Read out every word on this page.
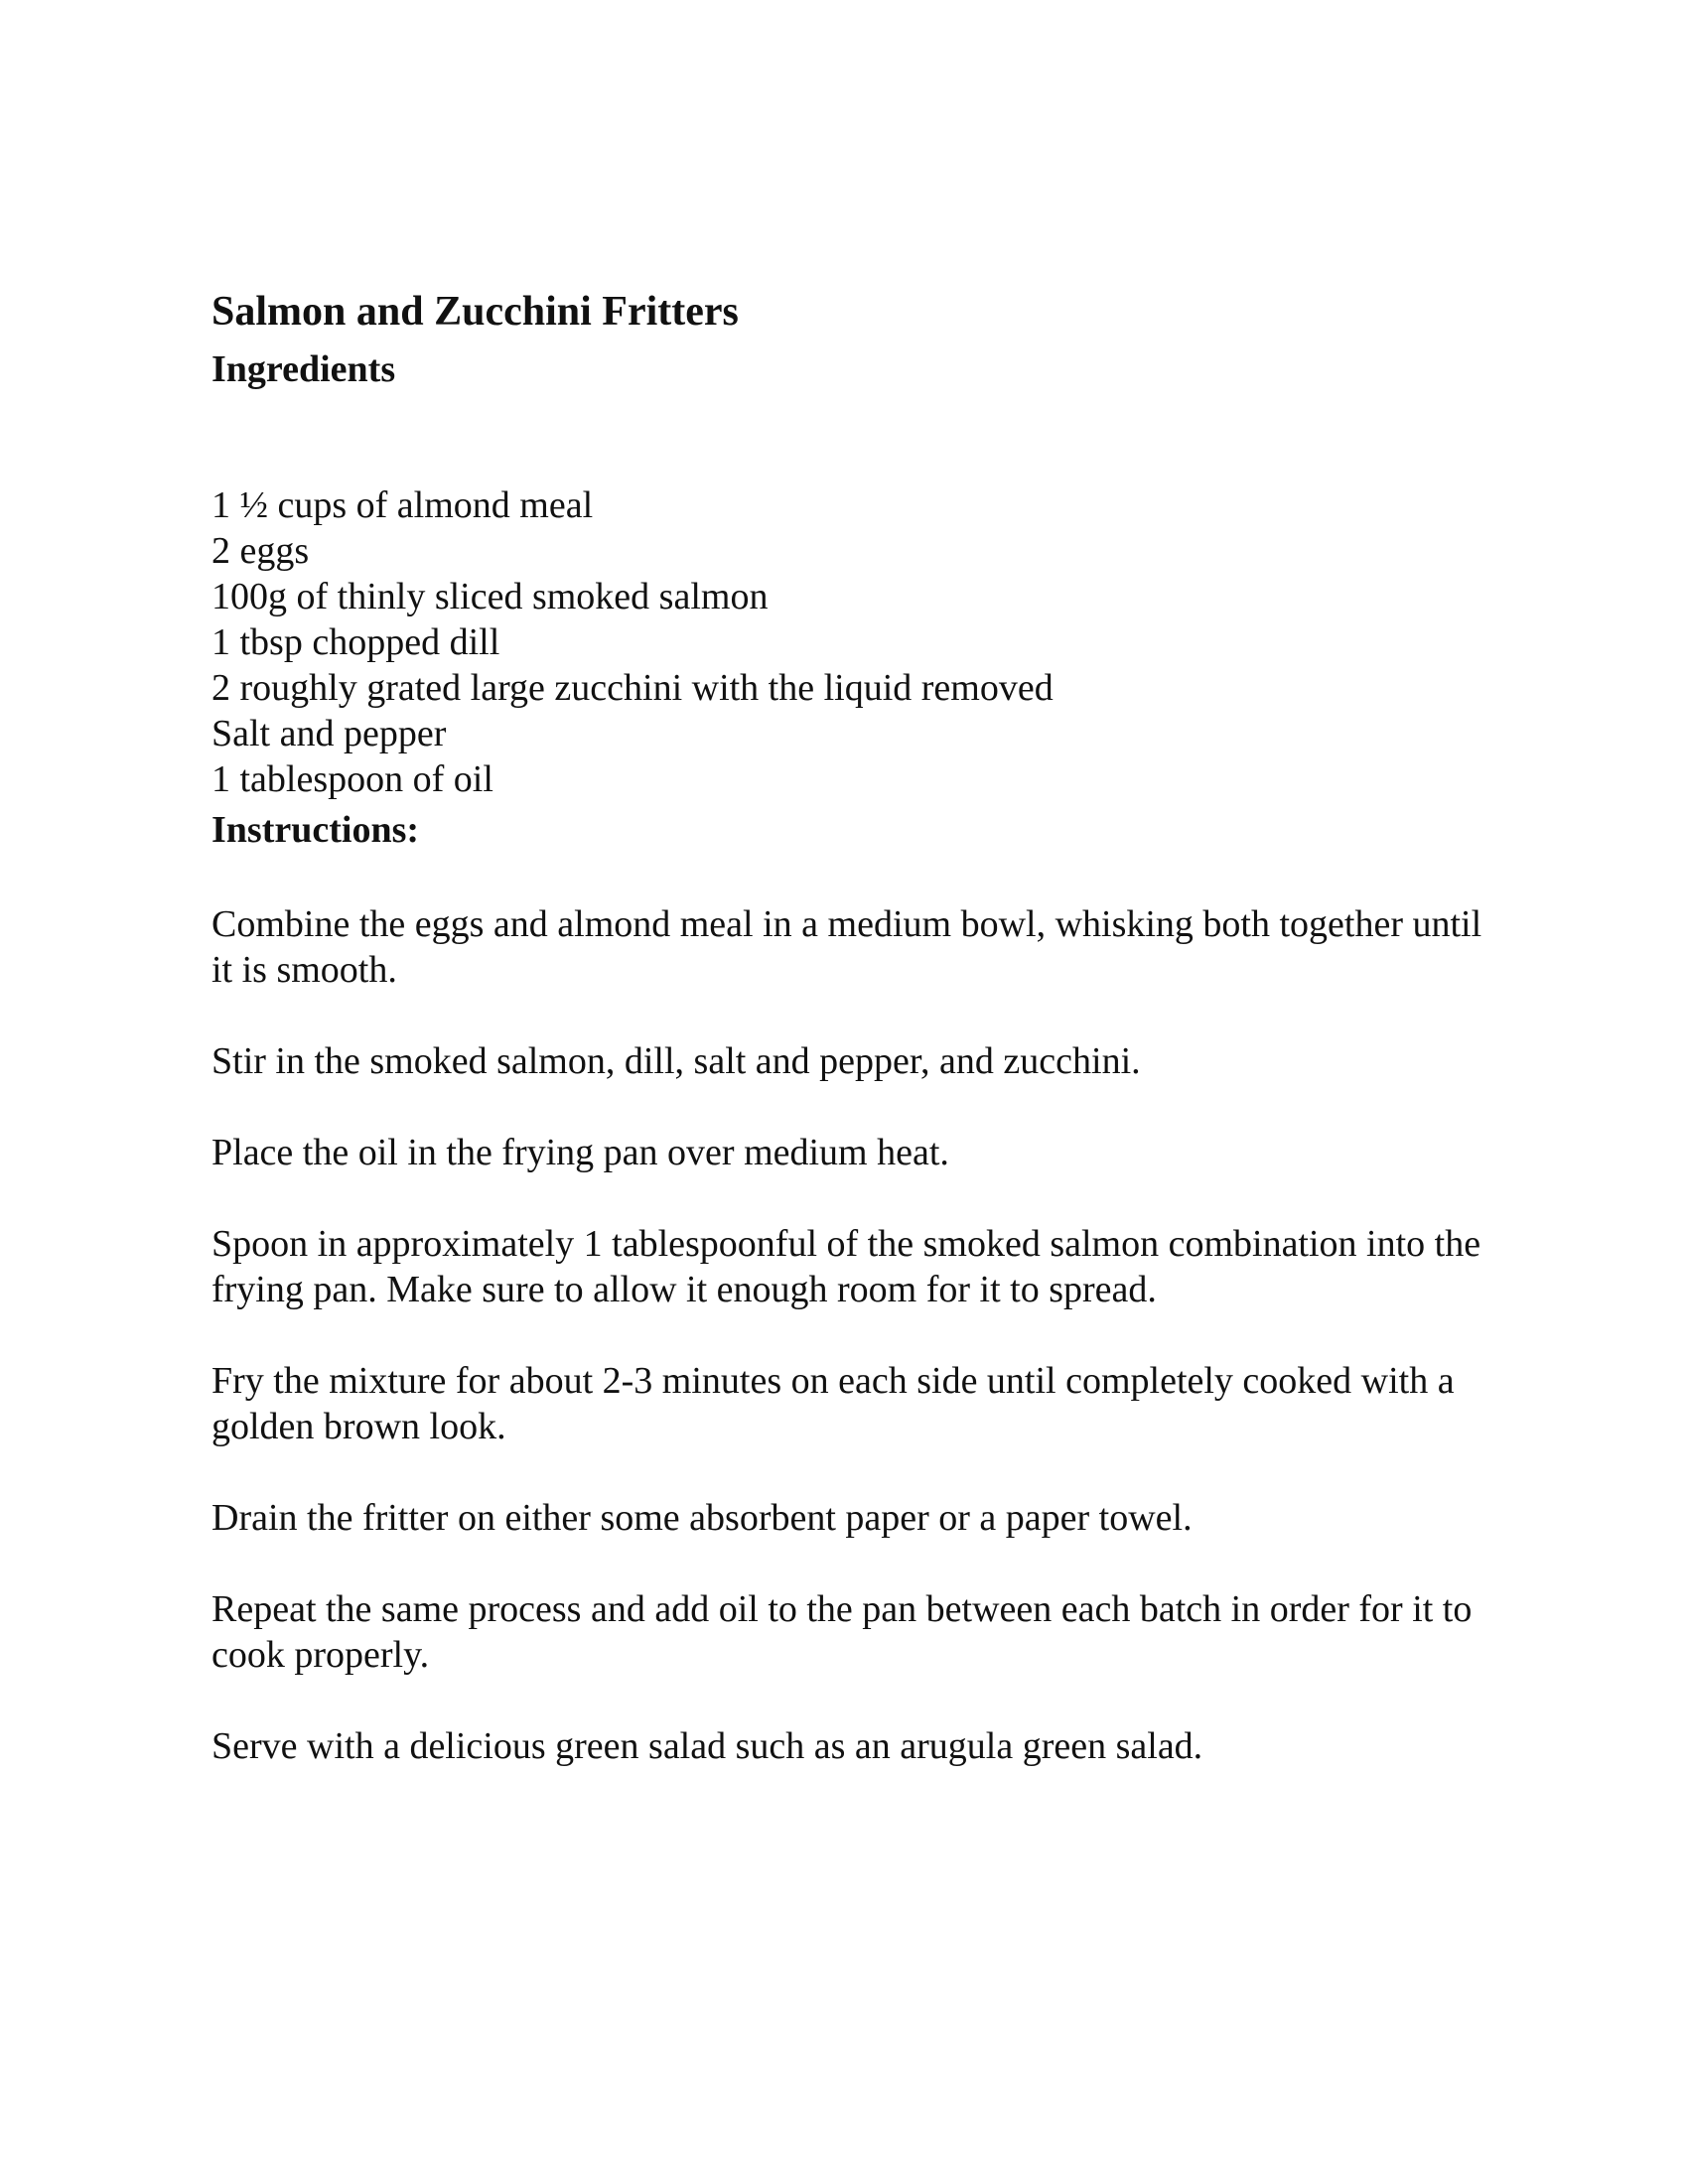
Salmon and Zucchini Fritters
Ingredients
1 ½ cups of almond meal
2 eggs
100g of thinly sliced smoked salmon
1 tbsp chopped dill
2 roughly grated large zucchini with the liquid removed
Salt and pepper
1 tablespoon of oil
Instructions:

Combine the eggs and almond meal in a medium bowl, whisking both together until it is smooth.

Stir in the smoked salmon, dill, salt and pepper, and zucchini.

Place the oil in the frying pan over medium heat.

Spoon in approximately 1 tablespoonful of the smoked salmon combination into the frying pan. Make sure to allow it enough room for it to spread.

Fry the mixture for about 2-3 minutes on each side until completely cooked with a golden brown look.

Drain the fritter on either some absorbent paper or a paper towel.

Repeat the same process and add oil to the pan between each batch in order for it to cook properly.

Serve with a delicious green salad such as an arugula green salad.
